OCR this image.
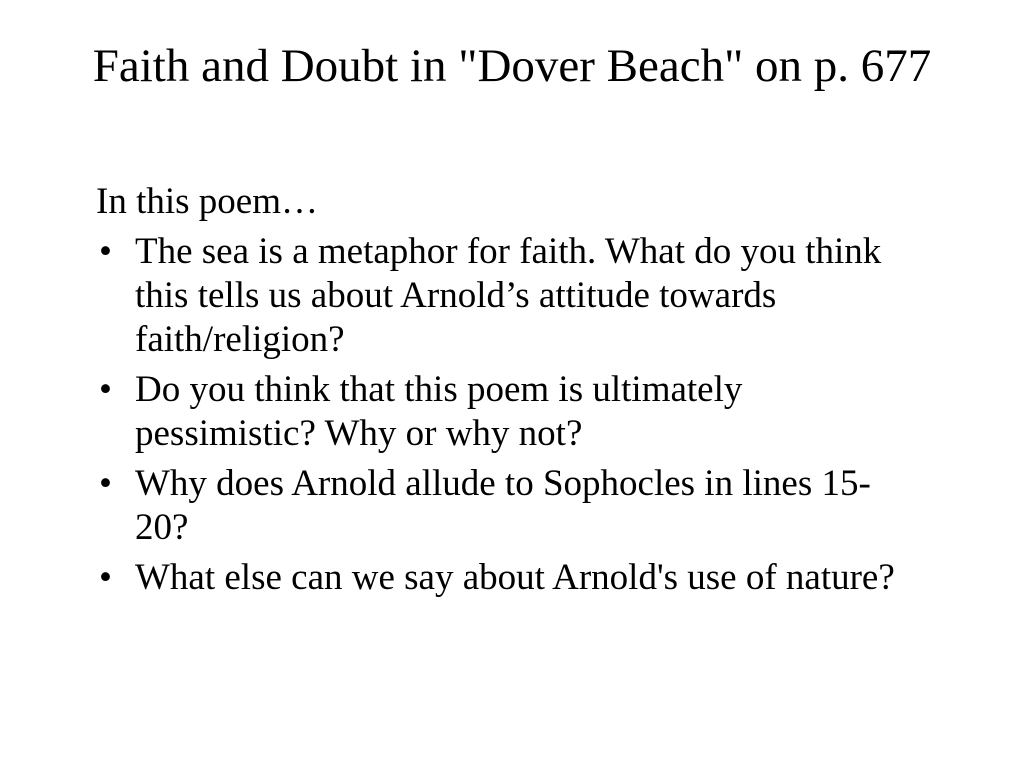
Faith and Doubt in "Dover Beach" on p. 677

In this poem…

• The sea is a metaphor for faith. What do you think this tells us about Arnold’s attitude towards faith/religion?
• Do you think that this poem is ultimately pessimistic? Why or why not?
• Why does Arnold allude to Sophocles in lines 15-20?
• What else can we say about Arnold's use of nature?
